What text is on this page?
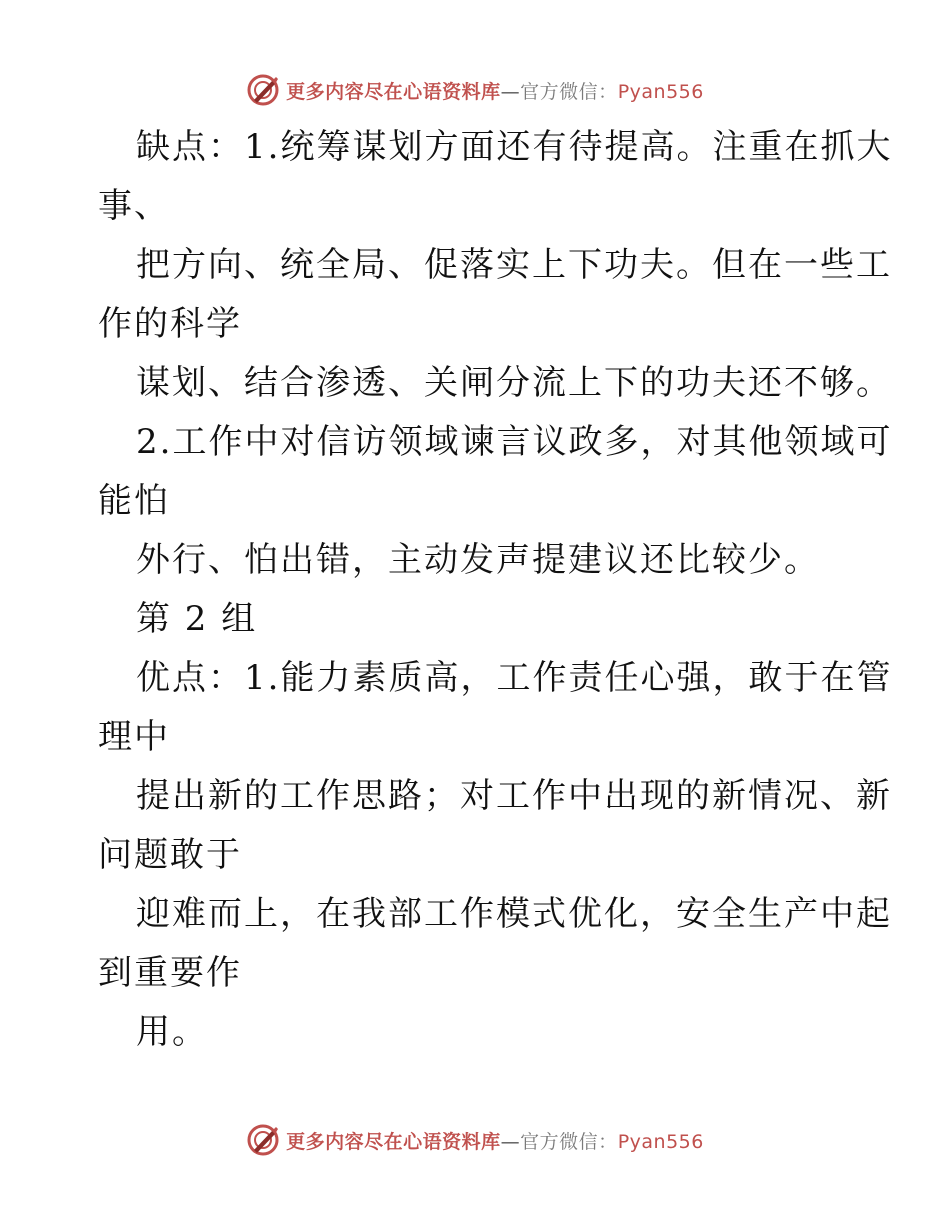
更多内容尽在心语资料库—官方微信：Pyan556
缺点：1.统筹谋划方面还有待提高。注重在抓大
事、
把方向、统全局、促落实上下功夫。但在一些工
作的科学
谋划、结合渗透、关闸分流上下的功夫还不够。
2.工作中对信访领域谏言议政多，对其他领域可
能怕
外行、怕出错，主动发声提建议还比较少。
第 2 组
优点：1.能力素质高，工作责任心强，敢于在管
理中
提出新的工作思路；对工作中出现的新情况、新
问题敢于
迎难而上，在我部工作模式优化，安全生产中起
到重要作
用。
更多内容尽在心语资料库—官方微信：Pyan556
